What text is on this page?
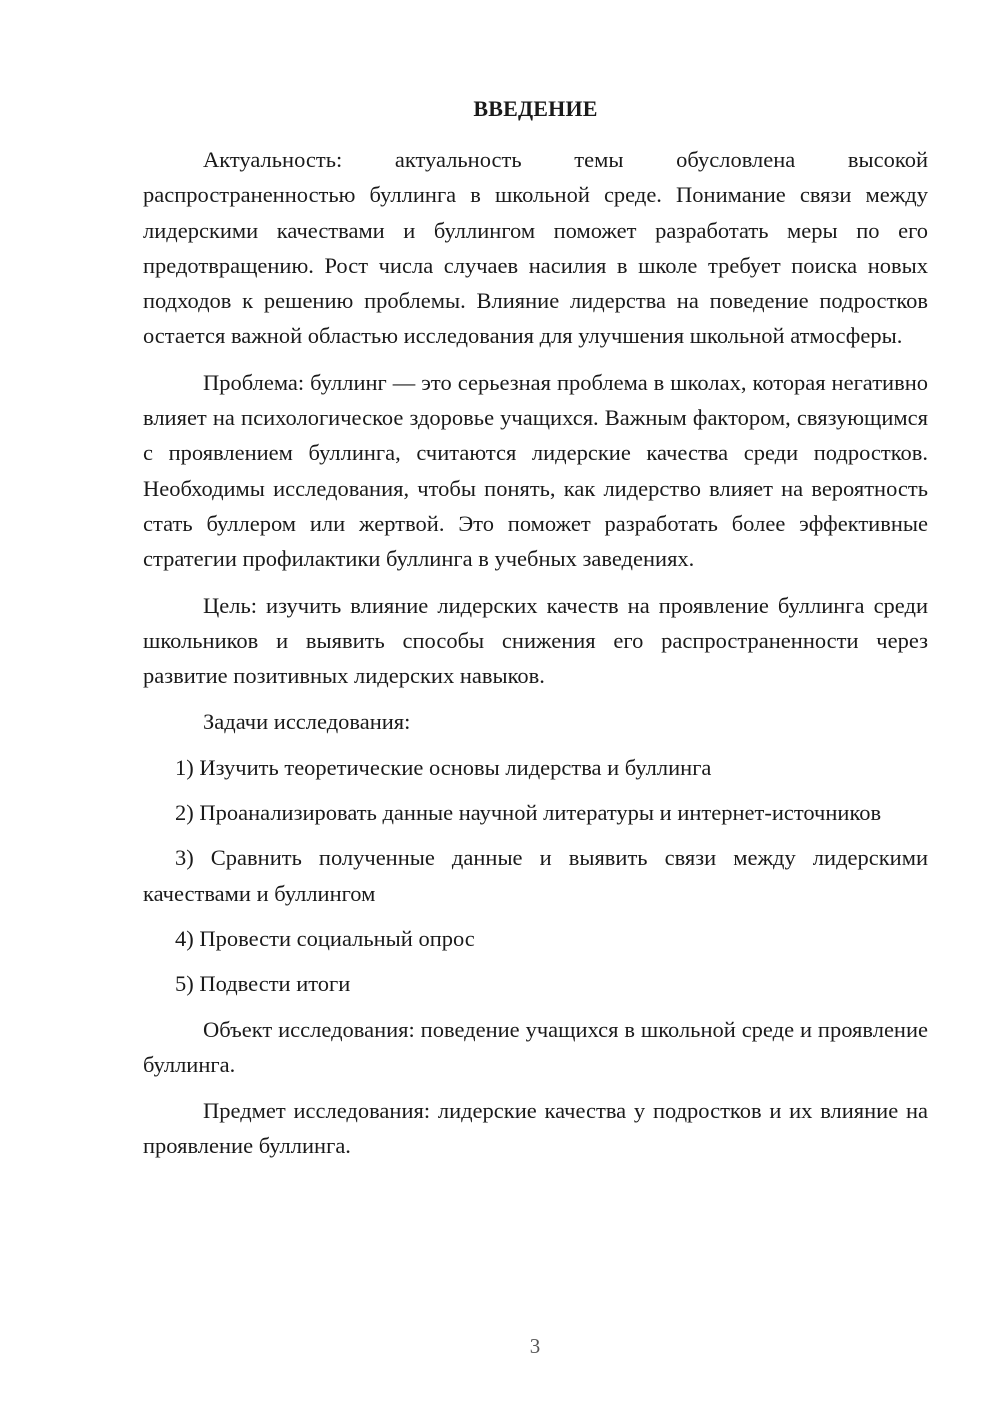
ВВЕДЕНИЕ
Актуальность: актуальность темы обусловлена высокой распространенностью буллинга в школьной среде. Понимание связи между лидерскими качествами и буллингом поможет разработать меры по его предотвращению. Рост числа случаев насилия в школе требует поиска новых подходов к решению проблемы. Влияние лидерства на поведение подростков остается важной областью исследования для улучшения школьной атмосферы.
Проблема: буллинг — это серьезная проблема в школах, которая негативно влияет на психологическое здоровье учащихся. Важным фактором, связующимся с проявлением буллинга, считаются лидерские качества среди подростков. Необходимы исследования, чтобы понять, как лидерство влияет на вероятность стать буллером или жертвой. Это поможет разработать более эффективные стратегии профилактики буллинга в учебных заведениях.
Цель: изучить влияние лидерских качеств на проявление буллинга среди школьников и выявить способы снижения его распространенности через развитие позитивных лидерских навыков.
Задачи исследования:
1) Изучить теоретические основы лидерства и буллинга
2) Проанализировать данные научной литературы и интернет-источников
3) Сравнить полученные данные и выявить связи между лидерскими качествами и буллингом
4) Провести социальный опрос
5) Подвести итоги
Объект исследования: поведение учащихся в школьной среде и проявление буллинга.
Предмет исследования: лидерские качества у подростков и их влияние на проявление буллинга.
3
